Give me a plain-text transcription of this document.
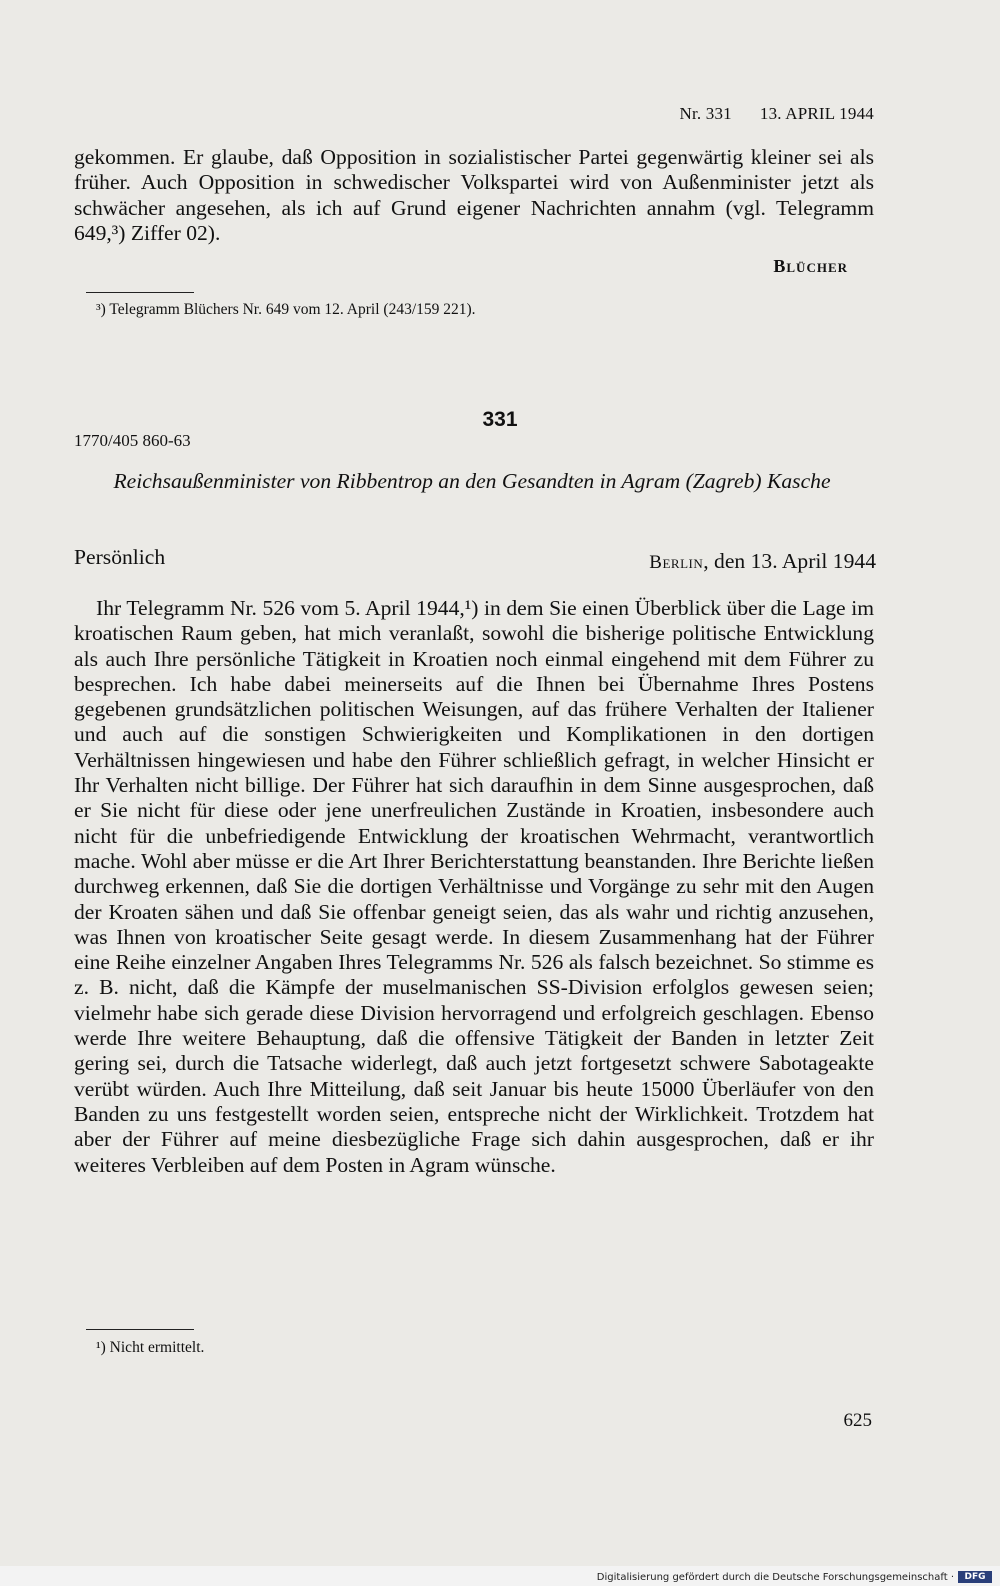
Nr. 331 13. APRIL 1944

gekommen. Er glaube, daß Opposition in sozialistischer Partei gegenwärtig kleiner sei als früher. Auch Opposition in schwedischer Volkspartei wird von Außenminister jetzt als schwächer angesehen, als ich auf Grund eigener Nachrichten annahm (vgl. Telegramm 649,³) Ziffer 02).

Blücher
³) Telegramm Blüchers Nr. 649 vom 12. April (243/159 221).
331
1770/405 860-63
Reichsaußenminister von Ribbentrop an den Gesandten in Agram (Zagreb) Kasche
Persönlich	Berlin, den 13. April 1944

Ihr Telegramm Nr. 526 vom 5. April 1944,¹) in dem Sie einen Überblick über die Lage im kroatischen Raum geben, hat mich veranlaßt, sowohl die bisherige politische Entwicklung als auch Ihre persönliche Tätigkeit in Kroatien noch einmal eingehend mit dem Führer zu besprechen. Ich habe dabei meinerseits auf die Ihnen bei Übernahme Ihres Postens gegebenen grundsätzlichen politischen Weisungen, auf das frühere Verhalten der Italiener und auch auf die sonstigen Schwierigkeiten und Komplikationen in den dortigen Verhältnissen hingewiesen und habe den Führer schließlich gefragt, in welcher Hinsicht er Ihr Verhalten nicht billige. Der Führer hat sich daraufhin in dem Sinne ausgesprochen, daß er Sie nicht für diese oder jene unerfreulichen Zustände in Kroatien, insbesondere auch nicht für die unbefriedigende Entwicklung der kroatischen Wehrmacht, verantwortlich mache. Wohl aber müsse er die Art Ihrer Berichterstattung beanstanden. Ihre Berichte ließen durchweg erkennen, daß Sie die dortigen Verhältnisse und Vorgänge zu sehr mit den Augen der Kroaten sähen und daß Sie offenbar geneigt seien, das als wahr und richtig anzusehen, was Ihnen von kroatischer Seite gesagt werde. In diesem Zusammenhang hat der Führer eine Reihe einzelner Angaben Ihres Telegramms Nr. 526 als falsch bezeichnet. So stimme es z. B. nicht, daß die Kämpfe der muselmanischen SS-Division erfolglos gewesen seien; vielmehr habe sich gerade diese Division hervorragend und erfolgreich geschlagen. Ebenso werde Ihre weitere Behauptung, daß die offensive Tätigkeit der Banden in letzter Zeit gering sei, durch die Tatsache widerlegt, daß auch jetzt fortgesetzt schwere Sabotageakte verübt würden. Auch Ihre Mitteilung, daß seit Januar bis heute 15000 Überläufer von den Banden zu uns festgestellt worden seien, entspreche nicht der Wirklichkeit. Trotzdem hat aber der Führer auf meine diesbezügliche Frage sich dahin ausgesprochen, daß er ihr weiteres Verbleiben auf dem Posten in Agram wünsche.

¹) Nicht ermittelt.
625
Digitalisierung gefördert durch die Deutsche Forschungsgemeinschaft ·	DFG
